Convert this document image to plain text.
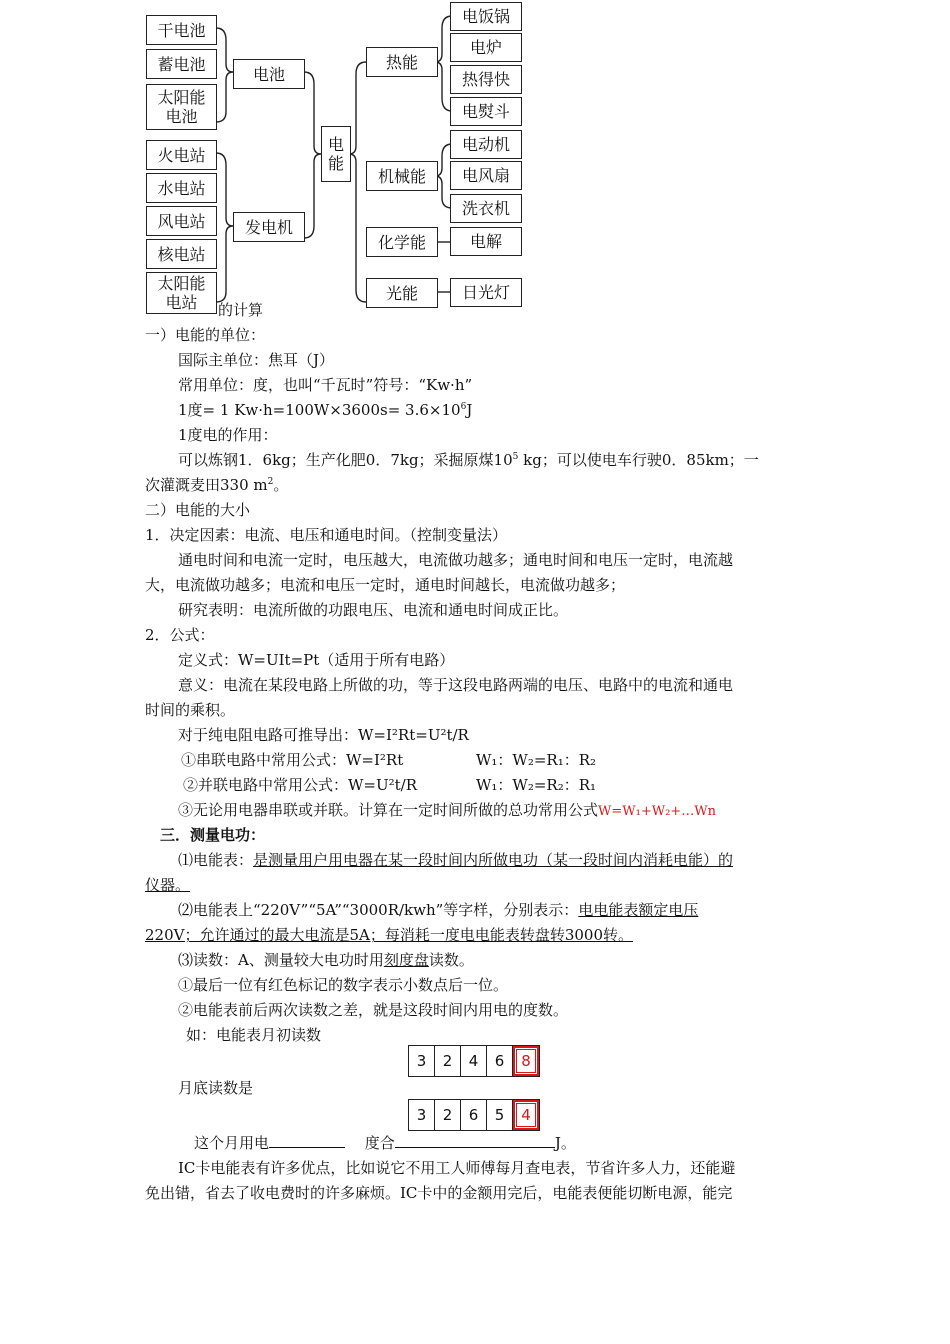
干电池
蓄电池
太阳能电池
火电站
水电站
风电站
核电站
太阳能电站
电池
发电机
电能
热能
机械能
化学能
光能
电饭锅
电炉
热得快
电熨斗
电动机
电风扇
洗衣机
电解
日光灯
的计算
一）电能的单位：
国际主单位：焦耳（J）
常用单位：度，也叫“千瓦时”符号：“Kw·h”
1度= 1 $Kw\cdot h=100W\times 3600s= 3.6\times 10^6J$
1度电的作用：
可以炼钢1．6kg；生产化肥0．7kg；采掘原煤$10^5$ kg；可以使电车行驶0．85km；一
次灌溉麦田330 $m^2$。
二）电能的大小
1．决定因素：电流、电压和通电时间。（控制变量法）
通电时间和电流一定时，电压越大，电流做功越多；通电时间和电压一定时，电流越
大，电流做功越多；电流和电压一定时，通电时间越长，电流做功越多；
研究表明：电流所做的功跟电压、电流和通电时间成正比。
2．公式：
定义式：W=UIt=Pt（适用于所有电路）
意义：电流在某段电路上所做的功，等于这段电路两端的电压、电路中的电流和通电
时间的乘积。
对于纯电阻电路可推导出：W=I²Rt=U²t/R
①串联电路中常用公式：W=I²Rt	W₁：W₂=R₁：R₂
②并联电路中常用公式：W=U²t/R	W₁：W₂=R₂：R₁
③无论用电器串联或并联。计算在一定时间所做的总功常用公式W=W₁+W₂+…Wn
三．测量电功：
⑴电能表：是测量用户用电器在某一段时间内所做电功（某一段时间内消耗电能）的
仪器。
⑵电能表上“220V”“5A”“3000R/kwh”等字样，分别表示：电电能表额定电压
220V；允许通过的最大电流是5A；每消耗一度电电能表转盘转3000转。
⑶读数：A、测量较大电功时用刻度盘读数。
①最后一位有红色标记的数字表示小数点后一位。
②电能表前后两次读数之差，就是这段时间内用电的度数。
如：电能表月初读数
3	2	4	6	8
月底读数是
3	2	6	5	4
这个月用电　	度合	J。
IC卡电能表有许多优点，比如说它不用工人师傅每月查电表，节省许多人力，还能避
免出错，省去了收电费时的许多麻烦。IC卡中的金额用完后，电能表便能切断电源，能完
